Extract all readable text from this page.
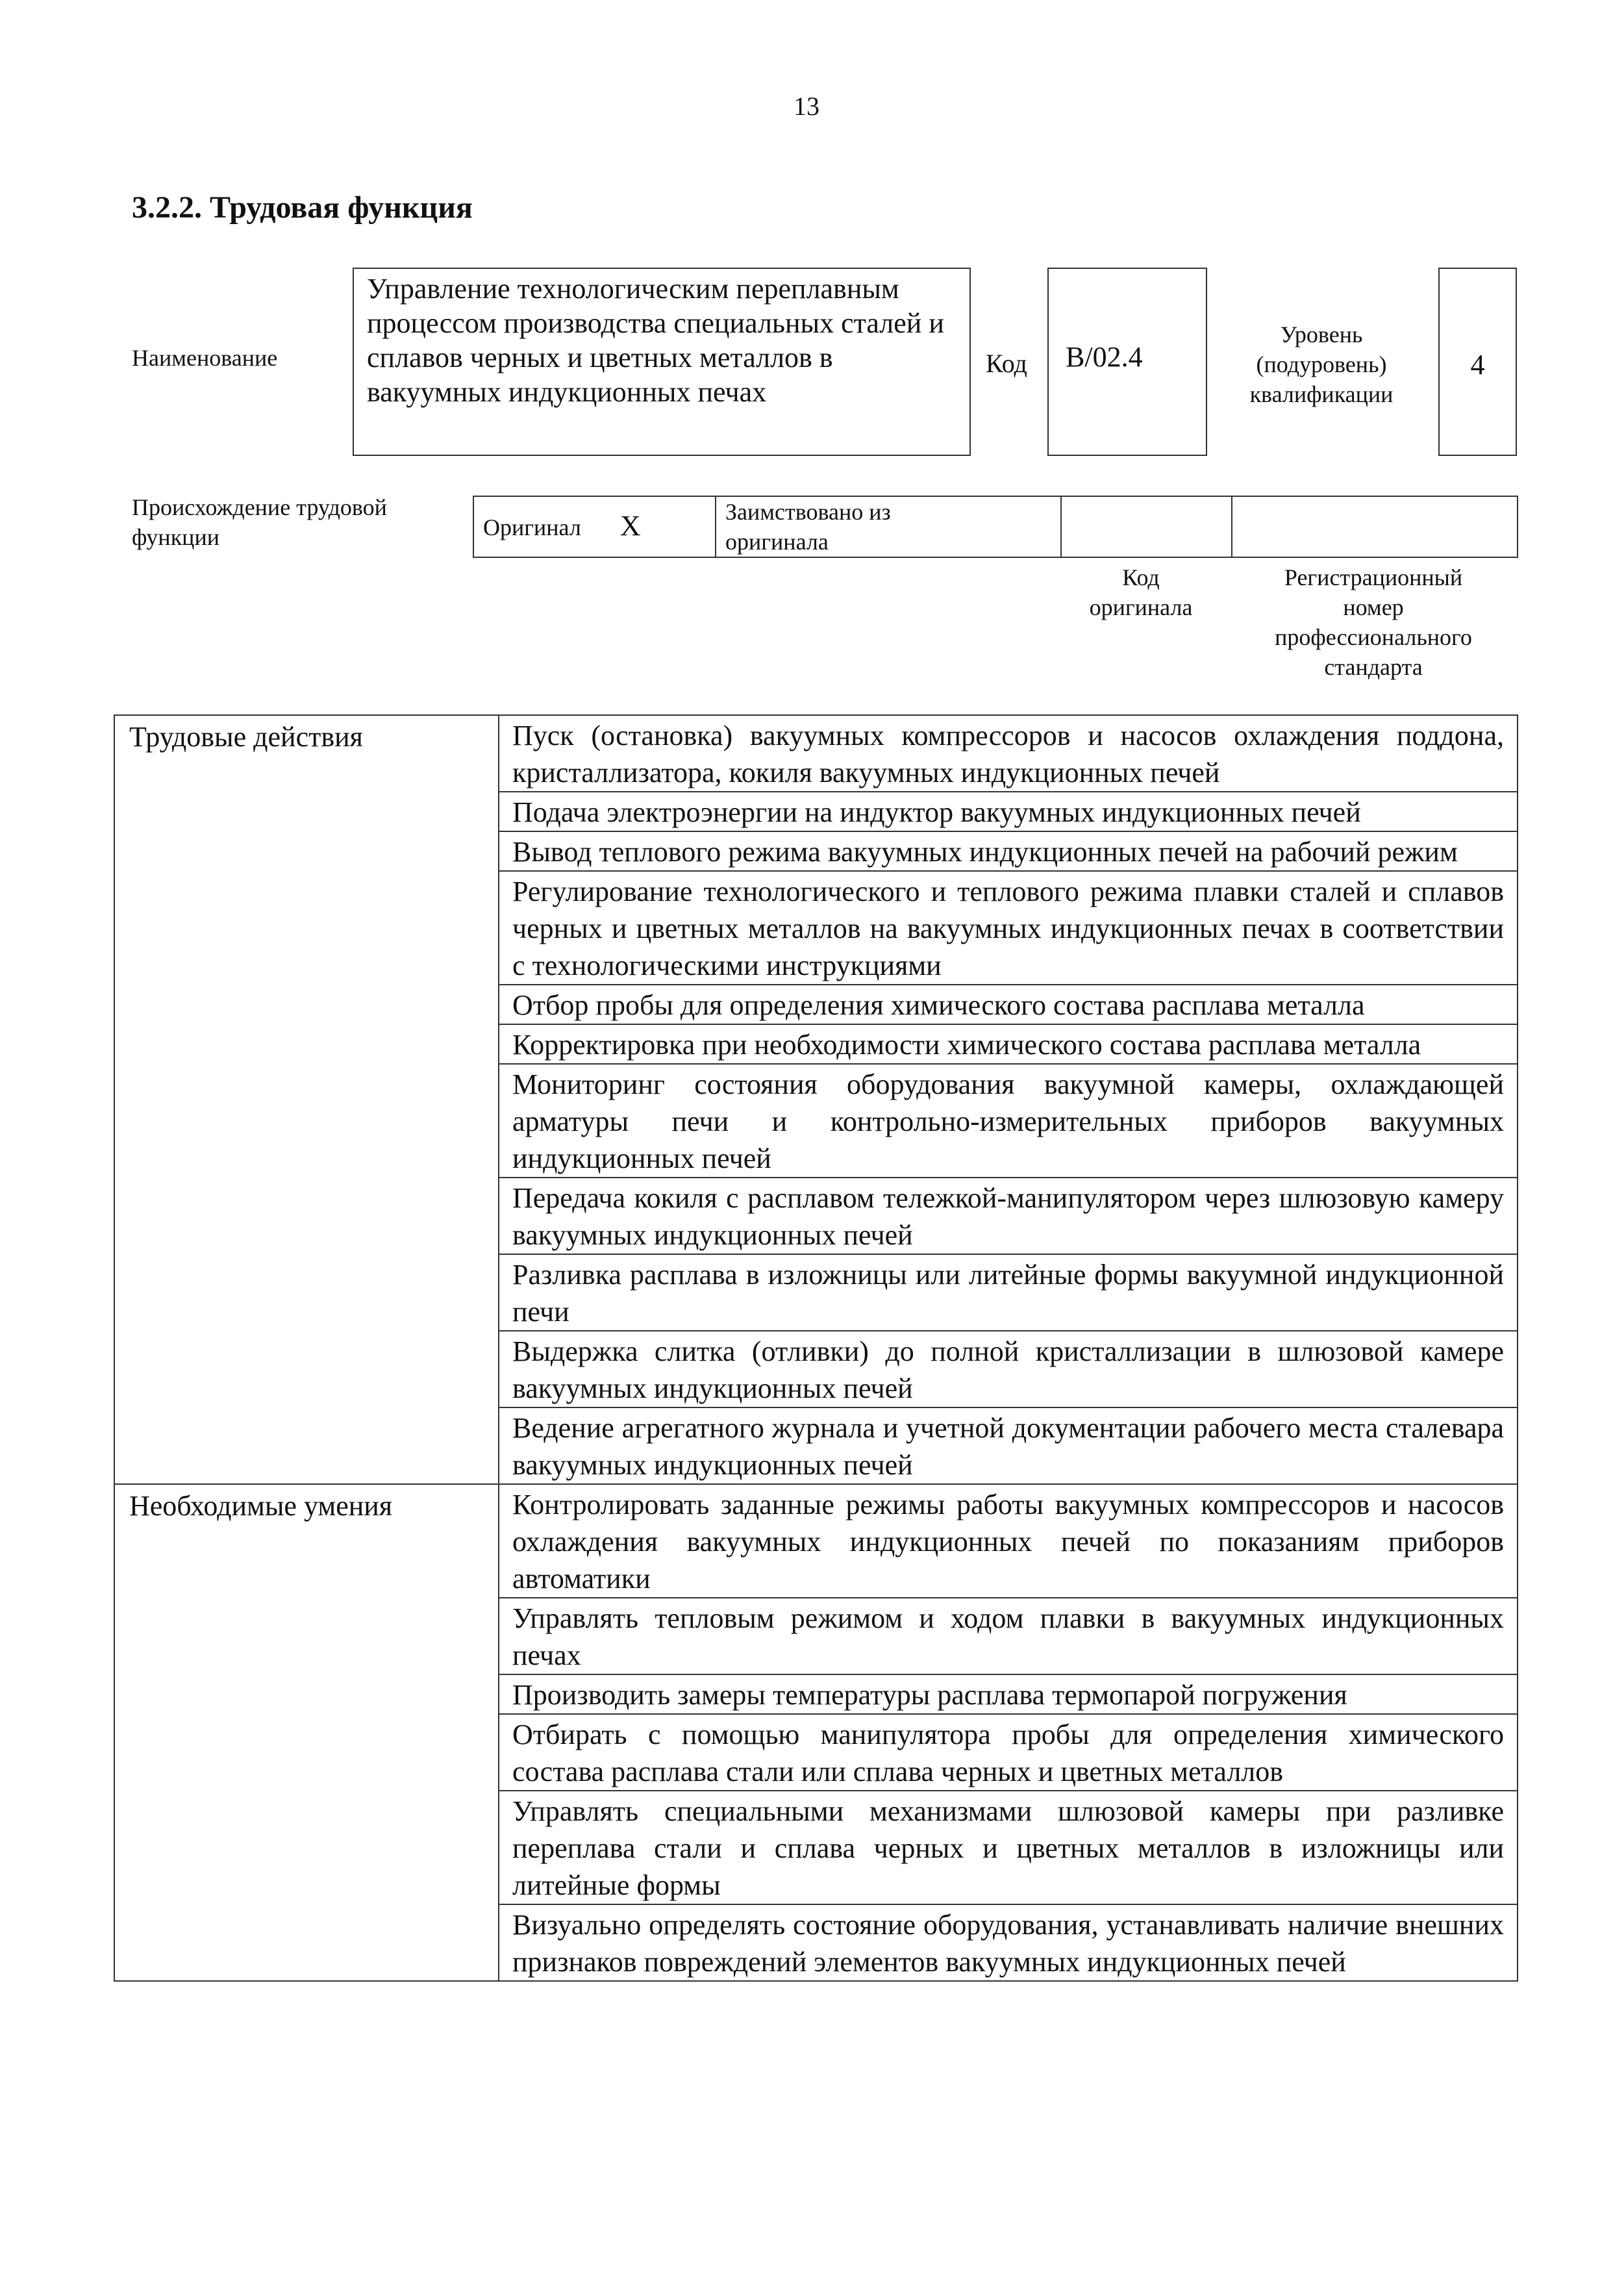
13
3.2.2. Трудовая функция
Наименование
Управление технологическим переплавным процессом производства специальных сталей и сплавов черных и цветных металлов в вакуумных индукционных печах
Код	В/02.4
Уровень
(подуровень)
квалификации
4
Происхождение трудовой
функции	Оригинал X	Заимствовано из
оригинала

Код
оригинала
Регистрационный
номер
профессионального
стандарта
Трудовые действия	Пуск (остановка) вакуумных компрессоров и насосов охлаждения поддона, кристаллизатора, кокиля вакуумных индукционных печей
	Подача электроэнергии на индуктор вакуумных индукционных печей
	Вывод теплового режима вакуумных индукционных печей на рабочий режим
	Регулирование технологического и теплового режима плавки сталей и сплавов черных и цветных металлов на вакуумных индукционных печах в соответствии с технологическими инструкциями
	Отбор пробы для определения химического состава расплава металла
	Корректировка при необходимости химического состава расплава металла
	Мониторинг состояния оборудования вакуумной камеры, охлаждающей арматуры печи и контрольно-измерительных приборов вакуумных индукционных печей
	Передача кокиля с расплавом тележкой-манипулятором через шлюзовую камеру вакуумных индукционных печей
	Разливка расплава в изложницы или литейные формы вакуумной индукционной печи
	Выдержка слитка (отливки) до полной кристаллизации в шлюзовой камере вакуумных индукционных печей
	Ведение агрегатного журнала и учетной документации рабочего места сталевара вакуумных индукционных печей
Необходимые умения	Контролировать заданные режимы работы вакуумных компрессоров и насосов охлаждения вакуумных индукционных печей по показаниям приборов автоматики
	Управлять тепловым режимом и ходом плавки в вакуумных индукционных печах
	Производить замеры температуры расплава термопарой погружения
	Отбирать с помощью манипулятора пробы для определения химического состава расплава стали или сплава черных и цветных металлов
	Управлять специальными механизмами шлюзовой камеры при разливке переплава стали и сплава черных и цветных металлов в изложницы или литейные формы
	Визуально определять состояние оборудования, устанавливать наличие внешних признаков повреждений элементов вакуумных индукционных печей
